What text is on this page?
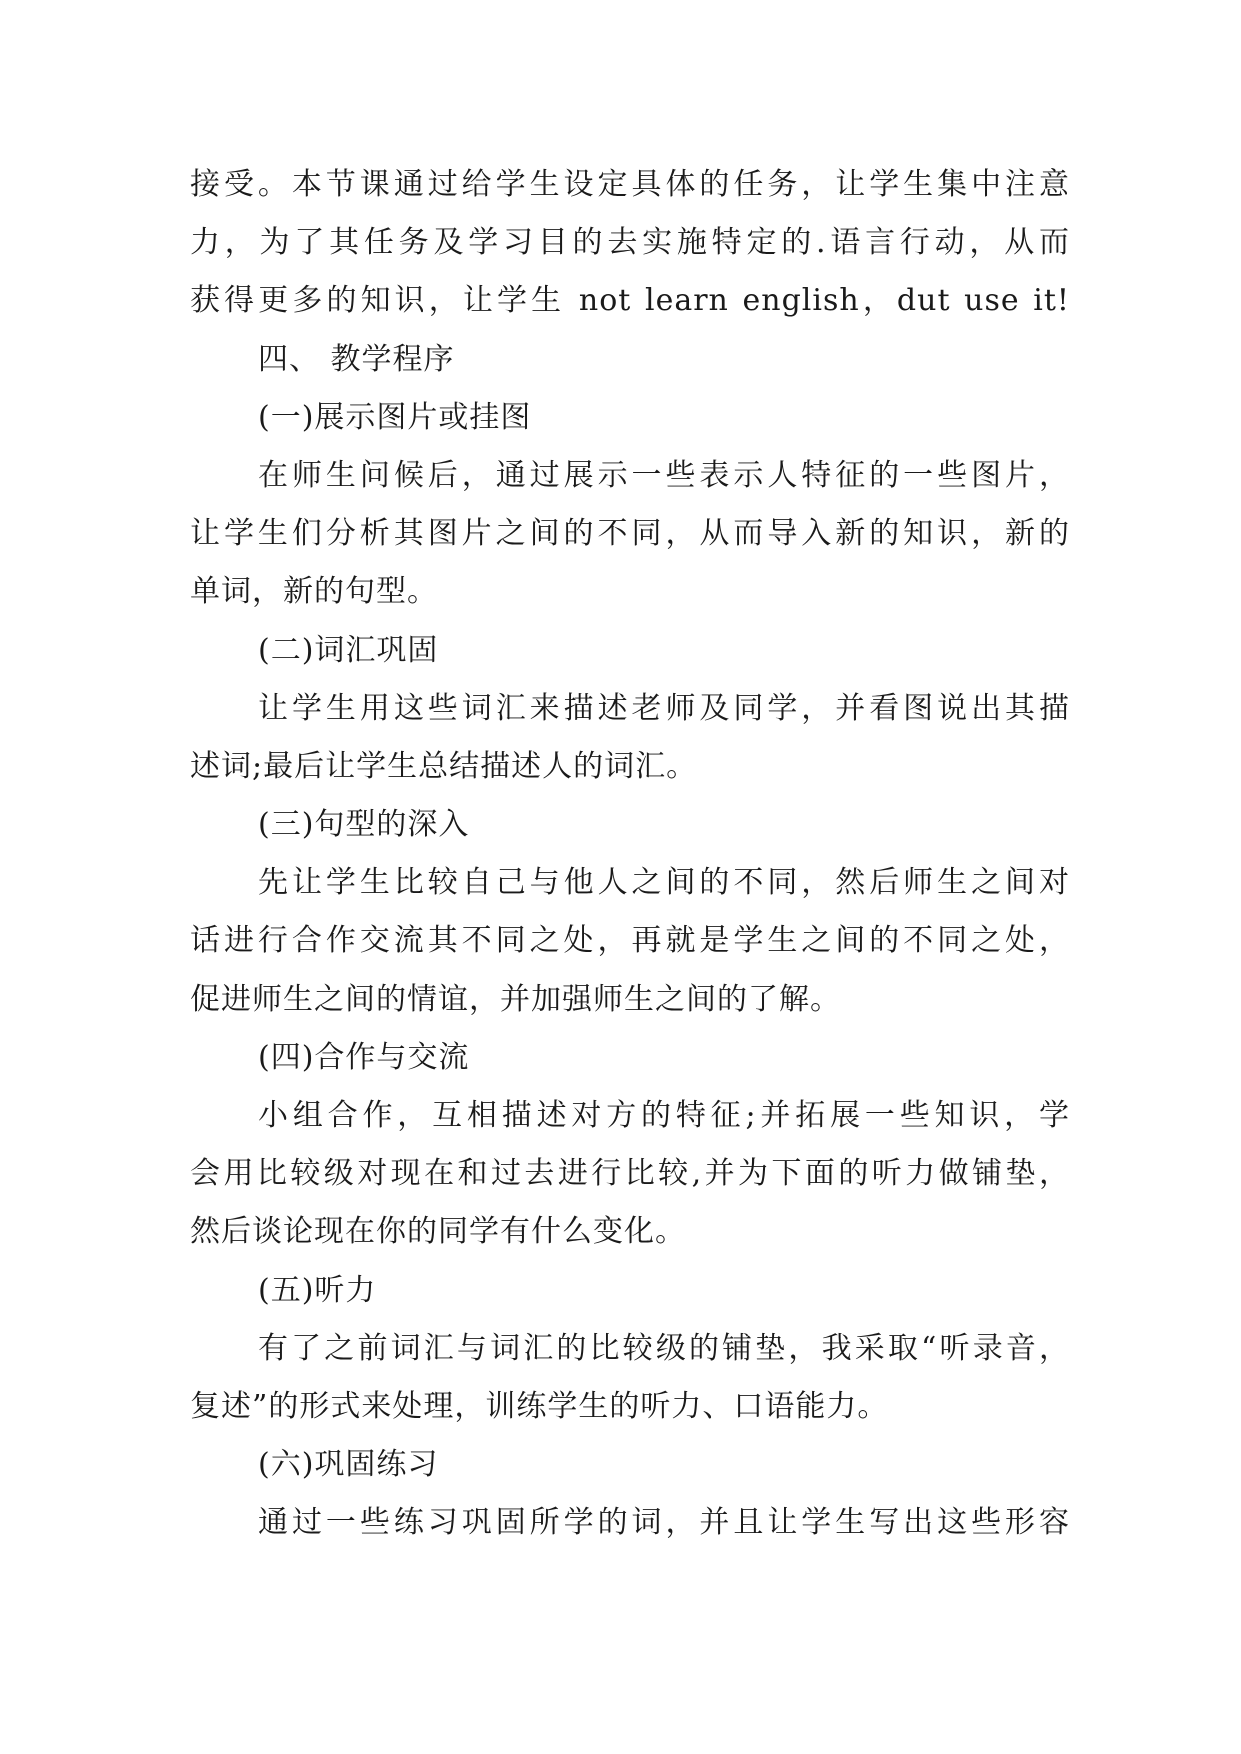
接受。本节课通过给学生设定具体的任务，让学生集中注意
力，为了其任务及学习目的去实施特定的.语言行动，从而
获得更多的知识，让学生 not learn english，dut use it!
四、 教学程序
(一)展示图片或挂图
在师生问候后，通过展示一些表示人特征的一些图片，
让学生们分析其图片之间的不同，从而导入新的知识，新的
单词，新的句型。
(二)词汇巩固
让学生用这些词汇来描述老师及同学，并看图说出其描
述词;最后让学生总结描述人的词汇。
(三)句型的深入
先让学生比较自己与他人之间的不同，然后师生之间对
话进行合作交流其不同之处，再就是学生之间的不同之处，
促进师生之间的情谊，并加强师生之间的了解。
(四)合作与交流
小组合作，互相描述对方的特征;并拓展一些知识，学
会用比较级对现在和过去进行比较,并为下面的听力做铺垫，
然后谈论现在你的同学有什么变化。
(五)听力
有了之前词汇与词汇的比较级的铺垫，我采取“听录音，
复述”的形式来处理，训练学生的听力、口语能力。
(六)巩固练习
通过一些练习巩固所学的词，并且让学生写出这些形容
